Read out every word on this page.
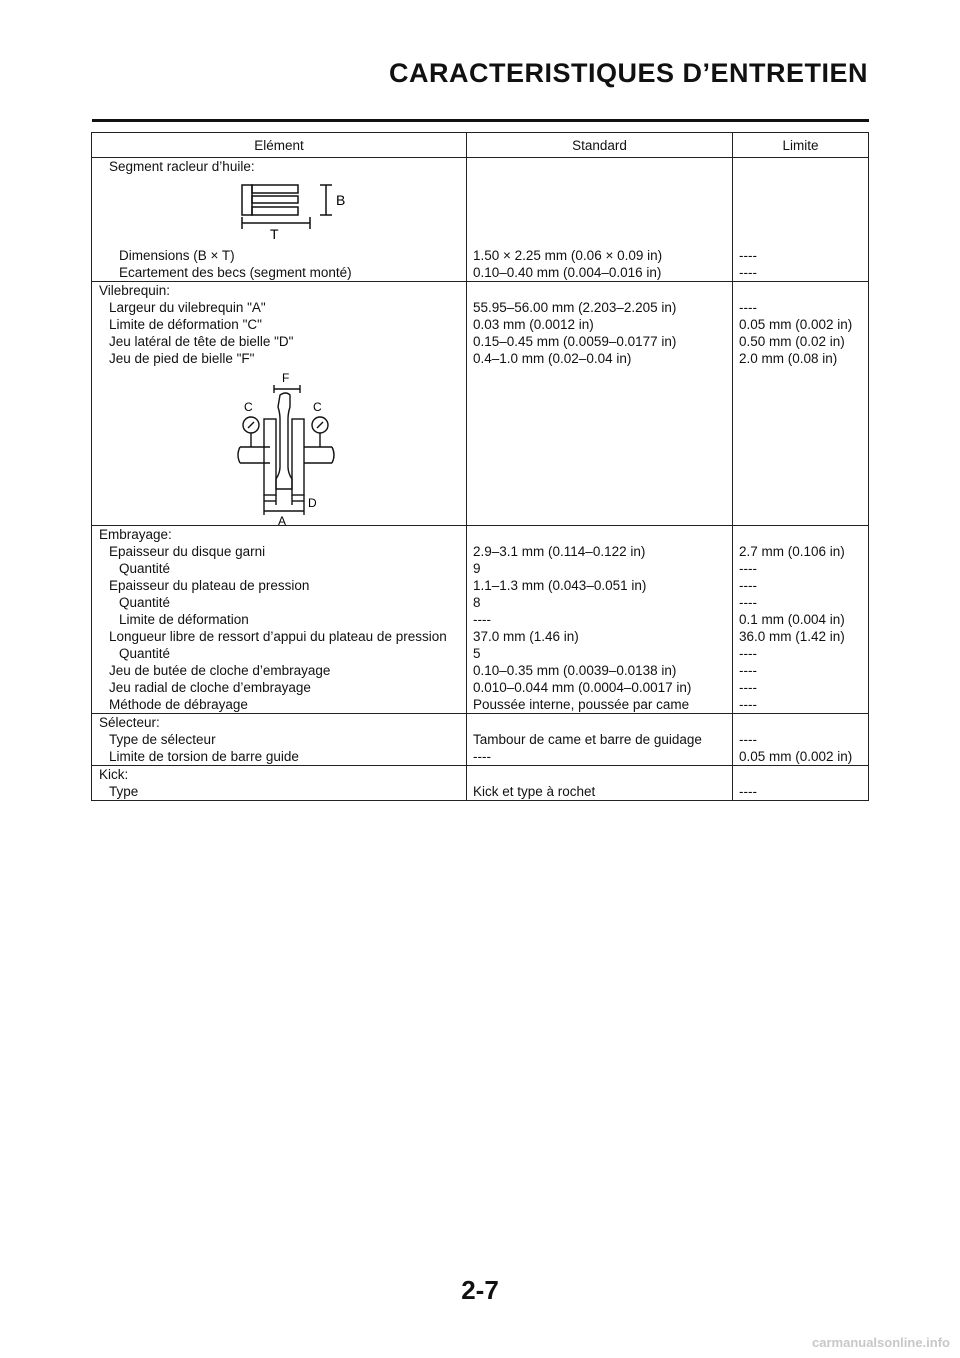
CARACTERISTIQUES D’ENTRETIEN
Elément	Standard	Limite
Segment racleur d’huile:		

B
T		

Dimensions (B × T)	1.50 × 2.25 mm (0.06 × 0.09 in)	----
Ecartement des becs (segment monté)	0.10–0.40 mm (0.004–0.016 in)	----
Vilebrequin:		
Largeur du vilebrequin "A"	55.95–56.00 mm (2.203–2.205 in)	----
Limite de déformation "C"	0.03 mm (0.0012 in)	0.05 mm (0.002 in)
Jeu latéral de tête de bielle "D"	0.15–0.45 mm (0.0059–0.0177 in)	0.50 mm (0.02 in)
Jeu de pied de bielle "F"	0.4–1.0 mm (0.02–0.04 in)	2.0 mm (0.08 in)

F
C C
D
A		

Embrayage:		
Epaisseur du disque garni	2.9–3.1 mm (0.114–0.122 in)	2.7 mm (0.106 in)
Quantité	9	----
Epaisseur du plateau de pression	1.1–1.3 mm (0.043–0.051 in)	----
Quantité	8	----
Limite de déformation	----	0.1 mm (0.004 in)
Longueur libre de ressort d’appui du plateau de pression	37.0 mm (1.46 in)	36.0 mm (1.42 in)
Quantité	5	----
Jeu de butée de cloche d’embrayage	0.10–0.35 mm (0.0039–0.0138 in)	----
Jeu radial de cloche d’embrayage	0.010–0.044 mm (0.0004–0.0017 in)	----
Méthode de débrayage	Poussée interne, poussée par came	----
Sélecteur:		
Type de sélecteur	Tambour de came et barre de guidage	----
Limite de torsion de barre guide	----	0.05 mm (0.002 in)
Kick:		
Type	Kick et type à rochet	----
2-7
carmanualsonline.info
